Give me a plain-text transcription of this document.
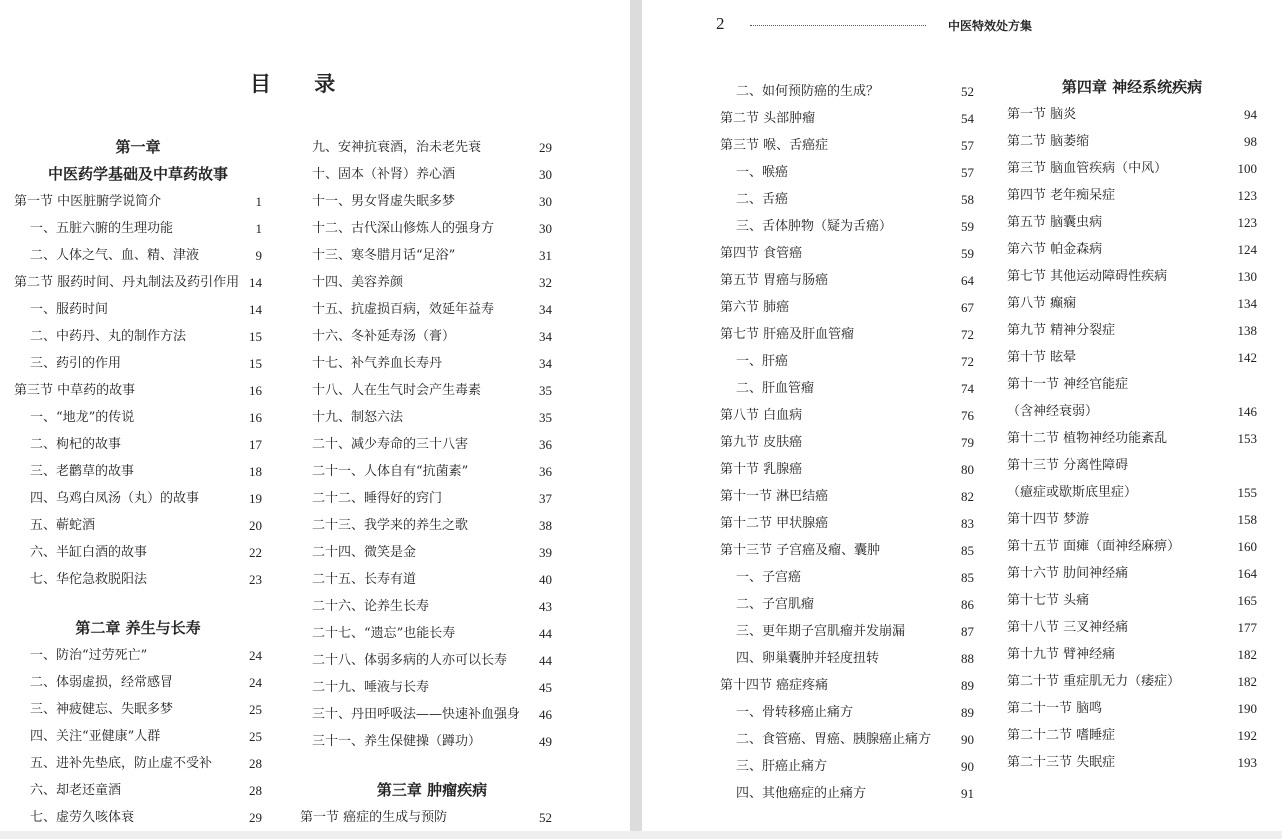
目 录
第一章
中医药学基础及中草药故事
第一节 中医脏腑学说简介	1
一、五脏六腑的生理功能	1
二、人体之气、血、精、津液	9
第二节 服药时间、丹丸制法及药引作用 14
一、服药时间	14
二、中药丹、丸的制作方法	15
三、药引的作用	15
第三节 中草药的故事	16
一、“地龙”的传说	16
二、枸杞的故事	17
三、老鹳草的故事	18
四、乌鸡白凤汤（丸）的故事	19
五、蕲蛇酒	20
六、半缸白酒的故事	22
七、华佗急救脱阳法	23
第二章 养生与长寿
一、防治“过劳死亡”	24
二、体弱虚损，经常感冒	24
三、神疲健忘、失眠多梦	25
四、关注“亚健康”人群	25
五、进补先垫底，防止虚不受补	28
六、却老还童酒	28
七、虚劳久咳体衰	29
九、安神抗衰酒，治未老先衰	29
十、固本（补肾）养心酒	30
十一、男女肾虚失眠多梦	30
十二、古代深山修炼人的强身方	30
十三、寒冬腊月话“足浴”	31
十四、美容养颜	32
十五、抗虚损百病，效延年益寿	34
十六、冬补延寿汤（膏）	34
十七、补气养血长寿丹	34
十八、人在生气时会产生毒素	35
十九、制怒六法	35
二十、减少寿命的三十八害	36
二十一、人体自有“抗菌素”	36
二十二、睡得好的窍门	37
二十三、我学来的养生之歌	38
二十四、微笑是金	39
二十五、长寿有道	40
二十六、论养生长寿	43
二十七、“遗忘”也能长寿	44
二十八、体弱多病的人亦可以长寿 44
二十九、唾液与长寿	45
三十、丹田呼吸法——快速补血强身 46
三十一、养生保健操（蹲功）	49
第三章 肿瘤疾病
第一节 癌症的生成与预防	52
2	中医特效处方集
二、如何预防癌的生成？	52
第二节 头部肿瘤	54
第三节 喉、舌癌症	57
一、喉癌	57
二、舌癌	58
三、舌体肿物（疑为舌癌）	59
第四节 食管癌	59
第五节 胃癌与肠癌	64
第六节 肺癌	67
第七节 肝癌及肝血管瘤	72
一、肝癌	72
二、肝血管瘤	74
第八节 白血病	76
第九节 皮肤癌	79
第十节 乳腺癌	80
第十一节 淋巴结癌	82
第十二节 甲状腺癌	83
第十三节 子宫癌及瘤、囊肿	85
一、子宫癌	85
二、子宫肌瘤	86
三、更年期子宫肌瘤并发崩漏	87
四、卵巢囊肿并轻度扭转	88
第十四节 癌症疼痛	89
一、骨转移癌止痛方	89
二、食管癌、胃癌、胰腺癌止痛方 90
三、肝癌止痛方	90
四、其他癌症的止痛方	91
第四章 神经系统疾病
第一节 脑炎	94
第二节 脑萎缩	98
第三节 脑血管疾病（中风）	100
第四节 老年痴呆症	123
第五节 脑囊虫病	123
第六节 帕金森病	124
第七节 其他运动障碍性疾病	130
第八节 癫痫	134
第九节 精神分裂症	138
第十节 眩晕	142
第十一节 神经官能症
（含神经衰弱）	146
第十二节 植物神经功能紊乱	153
第十三节 分离性障碍
（癔症或歇斯底里症）	155
第十四节 梦游	158
第十五节 面瘫（面神经麻痹）	160
第十六节 肋间神经痛	164
第十七节 头痛	165
第十八节 三叉神经痛	177
第十九节 臂神经痛	182
第二十节 重症肌无力（痿症）	182
第二十一节 脑鸣	190
第二十二节 嗜睡症	192
第二十三节 失眠症	193
